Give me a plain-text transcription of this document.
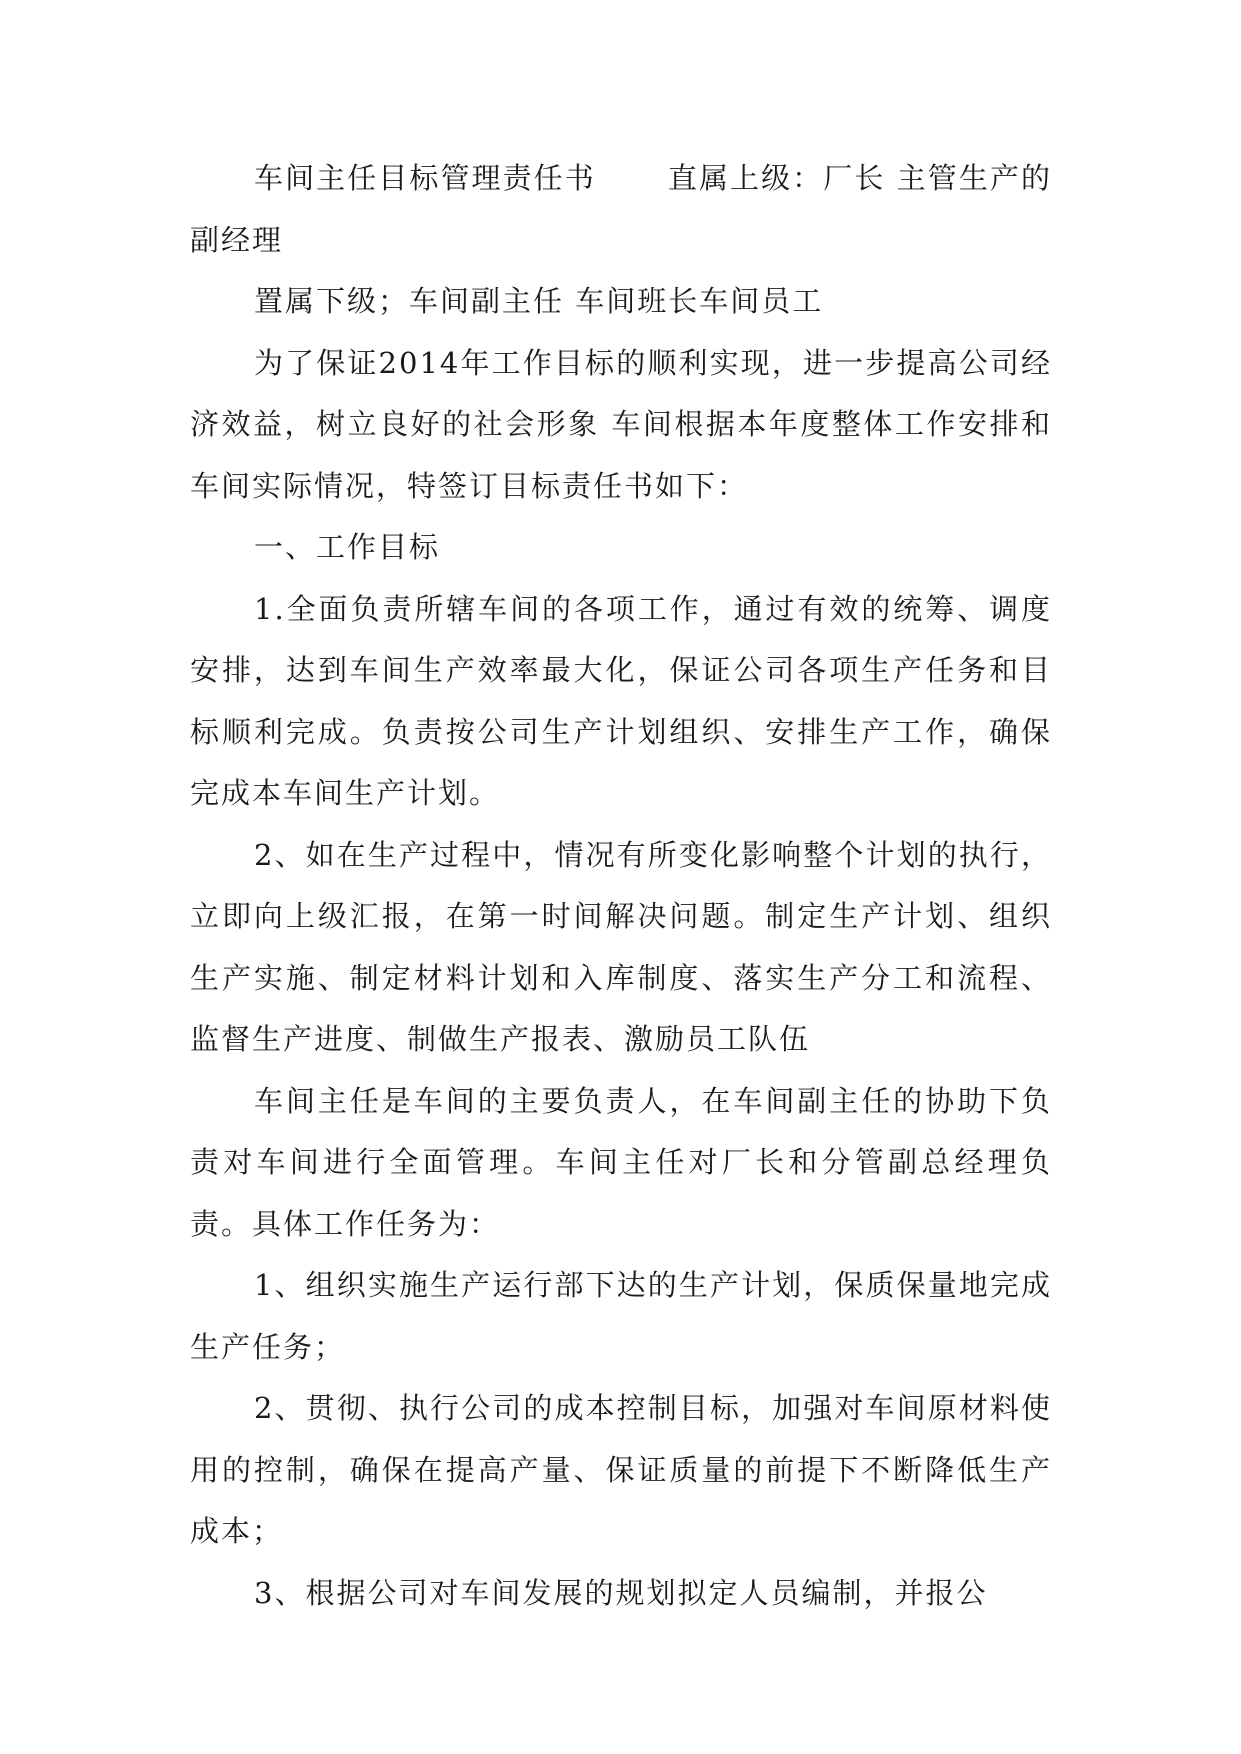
车间主任目标管理责任书 直属上级：厂长 主管生产的副经理

置属下级；车间副主任 车间班长车间员工

为了保证2014年工作目标的顺利实现，进一步提高公司经济效益，树立良好的社会形象 车间根据本年度整体工作安排和车间实际情况，特签订目标责任书如下：

一、工作目标

1.全面负责所辖车间的各项工作，通过有效的统筹、调度安排，达到车间生产效率最大化，保证公司各项生产任务和目标顺利完成。负责按公司生产计划组织、安排生产工作，确保完成本车间生产计划。

2、如在生产过程中，情况有所变化影响整个计划的执行，立即向上级汇报，在第一时间解决问题。制定生产计划、组织生产实施、制定材料计划和入库制度、落实生产分工和流程、监督生产进度、制做生产报表、激励员工队伍

车间主任是车间的主要负责人，在车间副主任的协助下负责对车间进行全面管理。车间主任对厂长和分管副总经理负责。具体工作任务为：

1、组织实施生产运行部下达的生产计划，保质保量地完成生产任务；

2、贯彻、执行公司的成本控制目标，加强对车间原材料使用的控制，确保在提高产量、保证质量的前提下不断降低生产成本；

3、根据公司对车间发展的规划拟定人员编制，并报公
